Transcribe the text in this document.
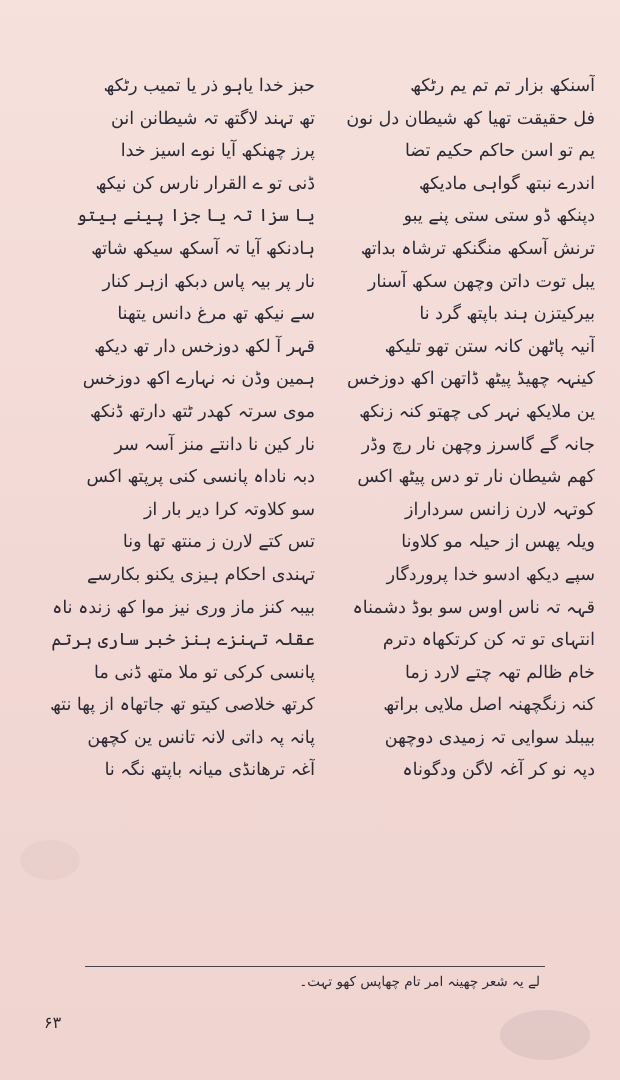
آسنکھ بزار تم تم یم رٹکھ
فل حقیقت تھیا کھ شیطان دل نون
یم تو اسن حاکم حکیم تضا
اندرے نبتھ گواہی مادیکھ
دپنکھ ڈو ستی ستی پنے یبو
ترنش آسکھ منگنکھ ترشاہ بداتھ
یبل توت داتن وچھن سکھ آسنار
بیرکیتزن ہند باپتھ گرد نا
آنیہ پاٹھن کانہ ستن تھو تلیکھ
کینہہ چھیڈ پیٹھ ڈاتھن اکھ دوزخس
ین ملایکھ نہر کی چھتو کنہ زنکھ
جانہ گے گاسرز وچھن نار رچ وڈر
کھم شیطان نار تو دس پیٹھ اکس
کوتہہ لارن زانس سرداراز
ویلہ پھس از حیلہ مو کلاونا
سپے دیکھ ادسو خدا پروردگار
قہہ تہ ناس اوس سو بوڈ دشمناہ
انتہای تو تہ کن کرتکھاہ دترم
خام ظالم تھہ چتے لارد زما
کنہ زنگچھنہ اصل ملایی براتھ
بیبلد سوایی تہ زمیدی دوچھن
دپہ نو کر آغہ لاگن ودگوناہ
حبز خدا یاہو ذر یا تمیب رٹکھ
تھ تہند لاگتھ تہ شیطانن انن
پرز چھنکھ آیا نوے اسیز خدا
ڈنی تو ے القرار نارس کن نیکھ
یا سزا تہ یا جزا پینے ہیتو
ہادنکھ آیا تہ آسکھ سیکھ شاتھ
نار پر بیہ پاس دبکھ ازہر کنار
سے نیکھ تھ مرغ دانس یتھنا
قہر آ لکھ دوزخس دار تھ دیکھ
ہمین وڈن نہ نہارے اکھ دوزخس
موی سرتہ کھدر ٹتھ دارتھ ڈنکھ
نار کین نا دانتے منز آسہ سر
دبہ ناداہ پانسی کنی پرپتھ اکس
سو کلاوتہ کرا دیر بار از
تس کتے لارن ز منتھ تھا ونا
تہندی احکام ہیزی یکنو بکارسے
بیبہ کنز ماز وری نیز موا کھ زندہ ناہ
عقلہ تہنزے ہنز خبر ساری ہرتم
پانسی کرکی تو ملا متھ ڈنی ما
کرتھ خلاصی کیتو تھ جاتھاہ از پھا نتھ
پانہ پہ داتی لانہ تانس ین کچھن
آغہ ترھانڈی میانہ باپتھ نگہ نا
لے یہ شعر چھینہ امر تام چھاپس کھو تہت۔
۶۳
